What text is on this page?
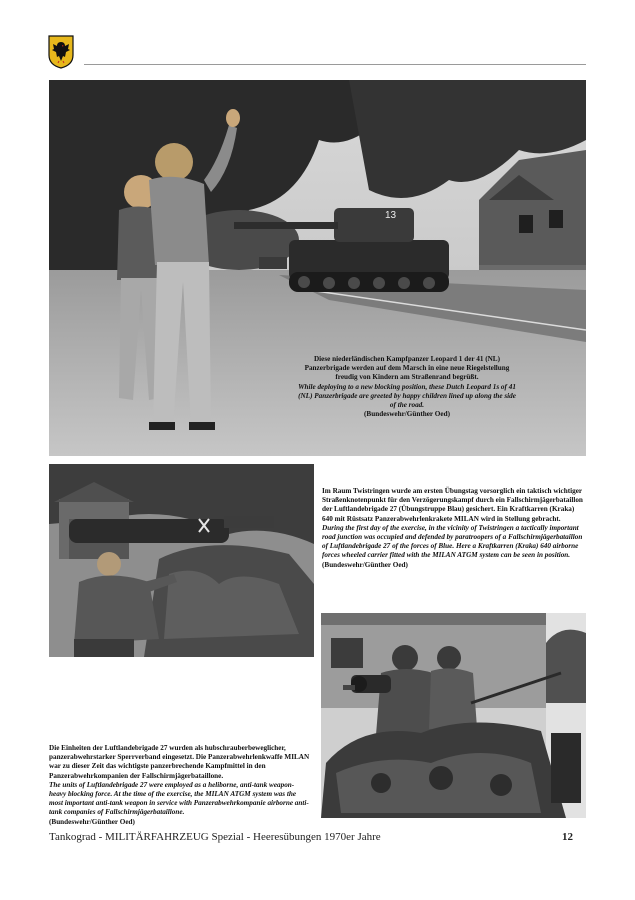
13
Diese niederländischen Kampfpanzer Leopard 1 der 41 (NL) Panzerbrigade werden auf dem Marsch in eine neue Riegelstellung freudig von Kindern am Straßenrand begrüßt.
While deploying to a new blocking position, these Dutch Leopard 1s of 41 (NL) Panzerbrigade are greeted by happy children lined up along the side of the road.
(Bundeswehr/Günther Oed)
Im Raum Twistringen wurde am ersten Übungstag vorsorglich ein taktisch wichtiger Straßenknotenpunkt für den Verzögerungskampf durch ein Fallschirmjägerbataillon der Luftlandebrigade 27 (Übungstruppe Blau) gesichert. Ein Kraftkarren (Kraka) 640 mit Rüstsatz Panzerabwehrlenkrakete MILAN wird in Stellung gebracht.
During the first day of the exercise, in the vicinity of Twistringen a tactically important road junction was occupied and defended by paratroopers of a Fallschirmjägerbataillon of Luftlandebrigade 27 of the forces of Blue. Here a Kraftkarren (Kraka) 640 airborne forces wheeled carrier fitted with the MILAN ATGM system can be seen in position. (Bundeswehr/Günther Oed)
Die Einheiten der Luftlandebrigade 27 wurden als hubschrauberbeweglicher, panzerabwehrstarker Sperrverband eingesetzt. Die Panzerabwehrlenkwaffe MILAN war zu dieser Zeit das wichtigste panzerbrechende Kampfmittel in den Panzerabwehrkompanien der Fallschirmjägerbataillone.
The units of Luftlandebrigade 27 were employed as a heliborne, anti-tank weapon-heavy blocking force. At the time of the exercise, the MILAN ATGM system was the most important anti-tank weapon in service with Panzerabwehrkompanie airborne anti-tank companies of Fallschirmjägerbataillone.
(Bundeswehr/Günther Oed)
Tankograd - MILITÄRFAHRZEUG Spezial - Heeresübungen 1970er Jahre	12
